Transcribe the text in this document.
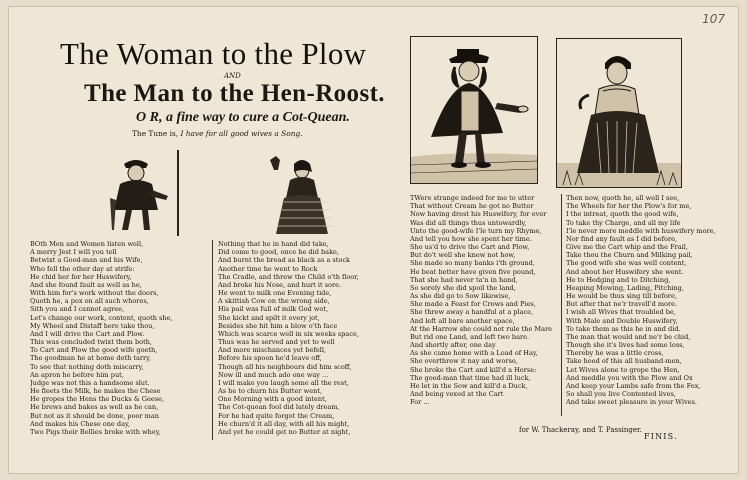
107
The Woman to the Plow
AND
The Man to the Hen-Roost.
O R, a fine way to cure a Cot-Quean.
The Tune is, I have for all good wives a Song.
BOth Men and Women listen well,
A merry Jest I will you tell
Betwixt a Good-man and his Wife,
Who fell the other day at strife:
He chid her for her Huswifery,
And she found fault as well as he,
With him for's work without the doors,
Quoth he, a pox on all such whores,
Sith you and I cannot agree,
Let's change our work, content, quoth she,
My Wheel and Distaff here take thou,
And I will drive the Cart and Plow.
This was concluded twixt them both,
To Cart and Plow the good wife goeth,
The goodman he at home doth tarry,
To see that nothing doth miscarry,
An apron he before him put,
Judge was not this a handsome slut.
He fleets the Milk, he makes the Chese
He gropes the Hens the Ducks & Geese,
He brews and bakes as well as he can,
But not as it should be done, poor man
And makes his Chese one day,
Two Pigs their Bellies broke with whey,
Nothing that he in hand did take,
Did come to good, once he did bake,
And burnt the bread as black as a stock
Another time he went to Rock
The Cradle, and threw the Child o'th floor,
And broke his Nose, and hurt it sore.
He went to milk one Evening tide,
A skittish Cow on the wrong side,
His pail was full of milk God wot,
She kickt and spilt it every jot,
Besides she hit him a blow o'th face
Which was scarce well in six weeks space,
Thus was he served and yet to well
And more mischances yet befell,
Before his spoon he'd leave off,
Though all his neighbours did him scoff,
Now ill and much ado one way ...
I will make you laugh some all the rest,
As he to churn his Butter went,
One Morning with a good intent,
The Cot-quean fool did lately dream,
For he had quite forgot the Cream,
He churn'd it all day, with all his might,
And yet he could get no Butter at night,
TWere strange indeed for me to utter
That without Cream he got no Butter
Now having drest his Huswifery, for ever
Was did all things thus untowardly,
Unto the good-wife I'le turn my Rhyme,
And tell you how she spent her time.
She us'd to drive the Cart and Plow,
But do't well she knew not how,
She made so many banks i'th ground,
He beat better have given five pound,
That she had never ta'n in hand,
So sorely she did spoil the land,
As she did go to Sow likewise,
She made a Feast for Crows and Pies,
She threw away a handful at a place,
And left all bare another space,
At the Harrow she could not rule the Mare
But rid one Land, and left two bare.
And shortly after, one day
As she came home with a Load of Hay,
She overthrew it nay and worse,
She broke the Cart and kill'd a Horse:
The good-man that time had ill luck,
He let in the Sow and kill'd a Duck,
And being vexed at the Cart
For ...
Then now, quoth he, all well I see,
The Wheels for her the Plow's for me,
I the intreat, quoth the good wife,
To take thy Charge, and all my life
I'le never more meddle with huswifery more,
Nor find any fault as I did before,
Give me the Cart whip and the Frail,
Take thou the Churn and Milking pail,
The good wife she was well content,
And about her Huswifery she went.
He to Hedging and to Ditching,
Heaping Mowing, Lading, Pitching,
He would be thus sing till before,
But after that ne'r travell'd more.
I wish all Wives that troubled be,
With Male and Double Huswifery,
To take them as this he in and did.
The man that would and ne'r be chid,
Though she it's lives had some loss,
Thereby he was a little cross,
Take heed of this all husband-men,
Let Wives alone to grope the Hen,
And meddle you with the Plow and Ox
And keep your Lambs safe from the Fox,
So shall you live Contented lives,
And take sweet pleasure in your Wives.
FINIS.
for W. Thackeray, and T. Passinger.
